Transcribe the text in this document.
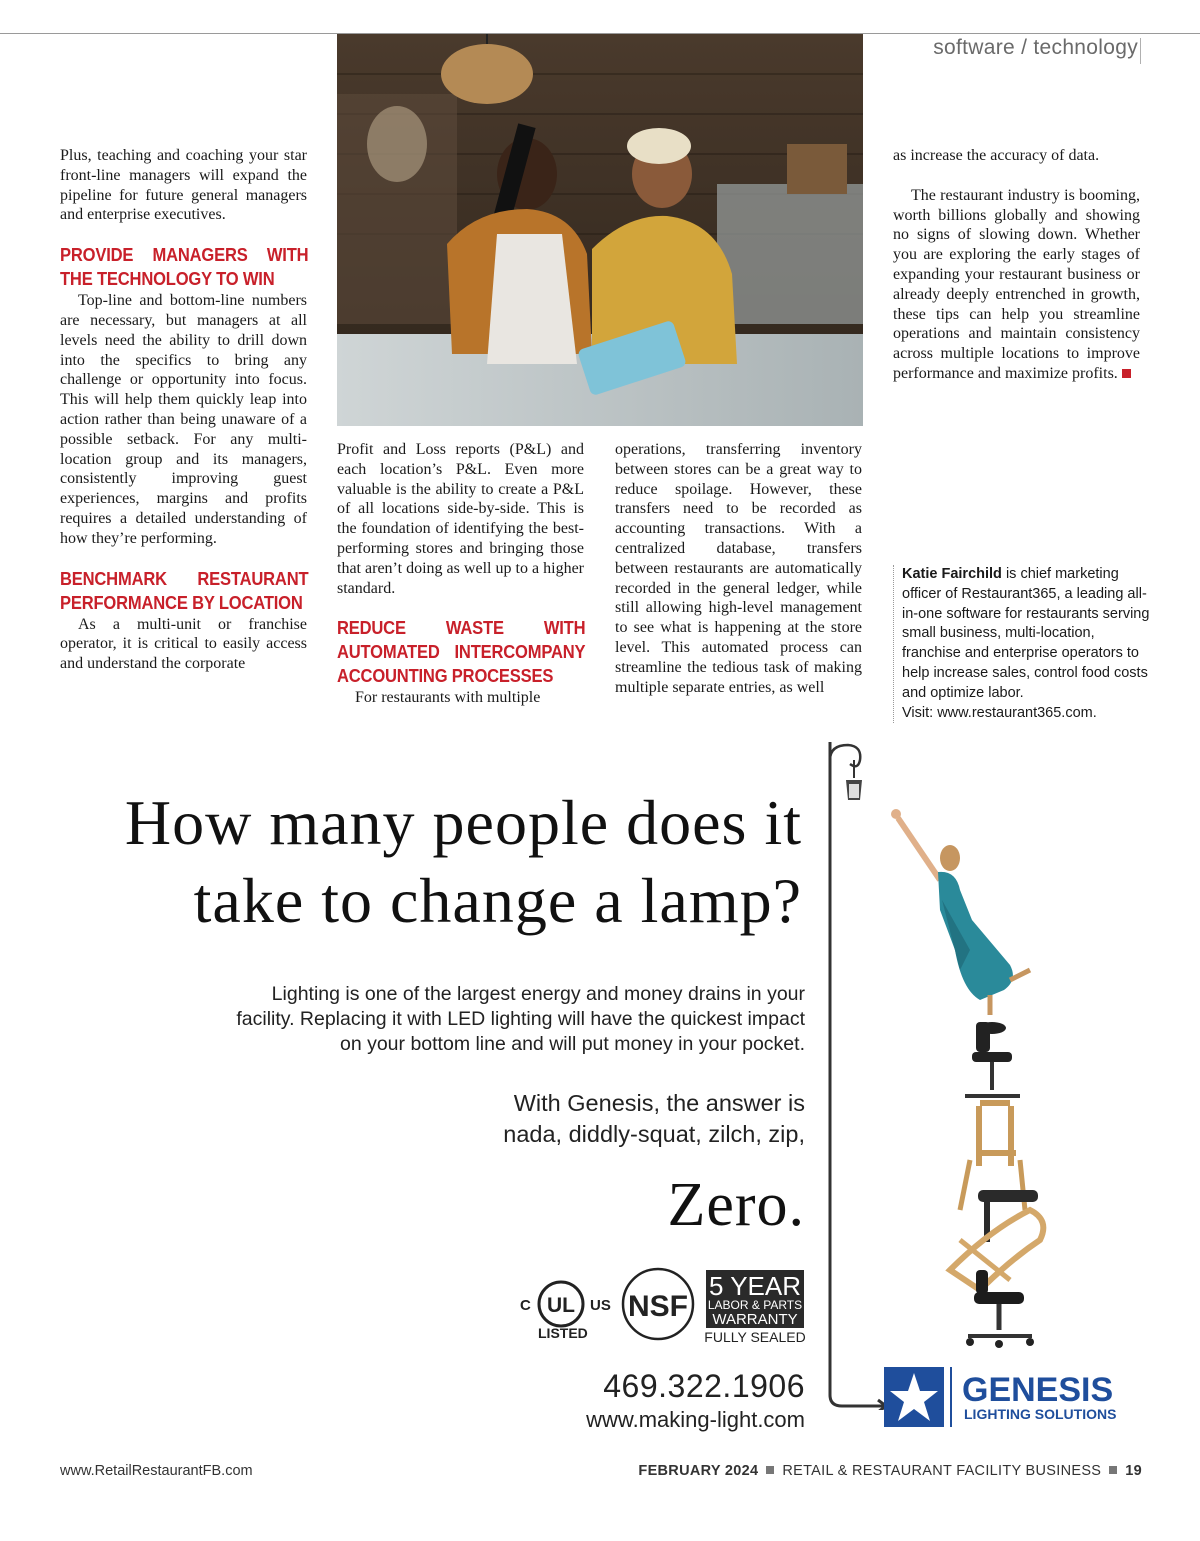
software / technology

Plus, teaching and coaching your star front-line managers will expand the pipeline for future general managers and enterprise executives.

PROVIDE MANAGERS WITH THE TECHNOLOGY TO WIN

Top-line and bottom-line numbers are necessary, but managers at all levels need the ability to drill down into the specifics to bring any challenge or opportunity into focus. This will help them quickly leap into action rather than being unaware of a possible setback. For any multi-location group and its managers, consistently improving guest experiences, margins and profits requires a detailed understanding of how they’re performing.

BENCHMARK RESTAURANT PERFORMANCE BY LOCATION

As a multi-unit or franchise operator, it is critical to easily access and understand the corporate

Profit and Loss reports (P&L) and each location’s P&L. Even more valuable is the ability to create a P&L of all locations side-by-side. This is the foundation of identifying the best-performing stores and bringing those that aren’t doing as well up to a higher standard.

REDUCE WASTE WITH AUTOMATED INTERCOMPANY ACCOUNTING PROCESSES

For restaurants with multiple

operations, transferring inventory between stores can be a great way to reduce spoilage. However, these transfers need to be recorded as accounting transactions. With a centralized database, transfers between restaurants are automatically recorded in the general ledger, while still allowing high-level management to see what is happening at the store level. This automated process can streamline the tedious task of making multiple separate entries, as well

as increase the accuracy of data.

The restaurant industry is booming, worth billions globally and showing no signs of slowing down. Whether you are exploring the early stages of expanding your restaurant business or already deeply entrenched in growth, these tips can help you streamline operations and maintain consistency across multiple locations to improve performance and maximize profits.

Katie Fairchild is chief marketing officer of Restaurant365, a leading all-in-one software for restaurants serving small business, multi-location, franchise and enterprise operators to help increase sales, control food costs and optimize labor.
Visit: www.restaurant365.com.
How many people does it
take to change a lamp?
Lighting is one of the largest energy and money drains in your
facility. Replacing it with LED lighting will have the quickest impact
on your bottom line and will put money in your pocket.
With Genesis, the answer is
nada, diddly-squat, zilch, zip,
Zero.
C UL US
LISTED
NSF
5 YEAR
LABOR & PARTS
WARRANTY
FULLY SEALED
469.322.1906
www.making-light.com
GENESIS
LIGHTING SOLUTIONS
www.RetailRestaurantFB.com	FEBRUARY 2024 RETAIL & RESTAURANT FACILITY BUSINESS 19
